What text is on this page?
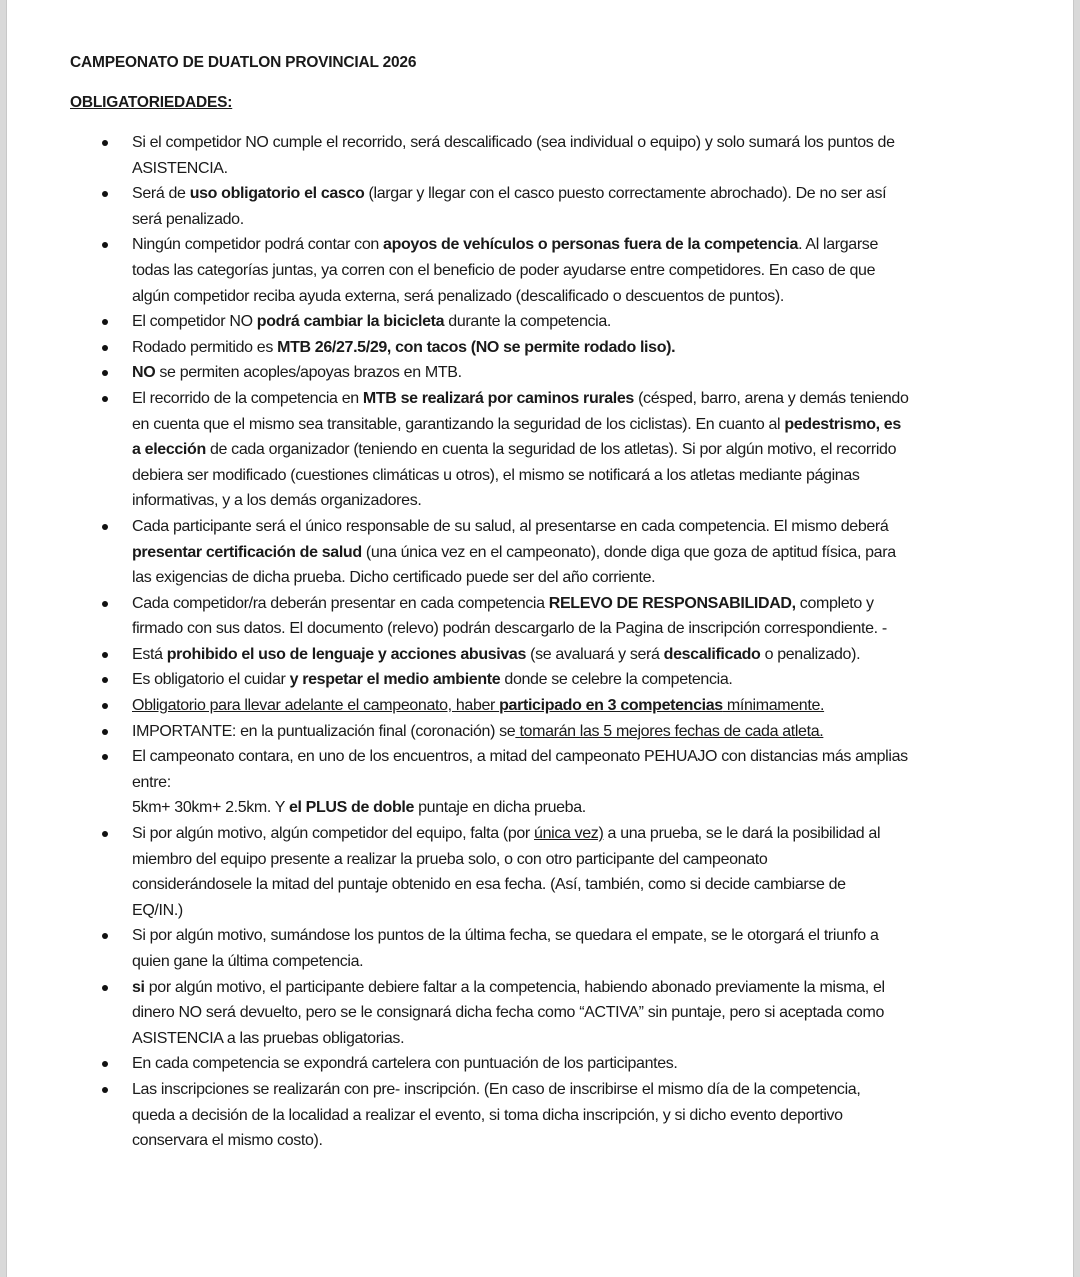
CAMPEONATO DE DUATLON PROVINCIAL 2026
OBLIGATORIEDADES:
Si el competidor NO cumple el recorrido, será descalificado (sea individual o equipo) y solo sumará los puntos de
ASISTENCIA.
Será de uso obligatorio el casco (largar y llegar con el casco puesto correctamente abrochado). De no ser así
será penalizado.
Ningún competidor podrá contar con apoyos de vehículos o personas fuera de la competencia. Al largarse
todas las categorías juntas, ya corren con el beneficio de poder ayudarse entre competidores. En caso de que
algún competidor reciba ayuda externa, será penalizado (descalificado o descuentos de puntos).
El competidor NO podrá cambiar la bicicleta durante la competencia.
Rodado permitido es MTB 26/27.5/29, con tacos (NO se permite rodado liso).
NO se permiten acoples/apoyas brazos en MTB.
El recorrido de la competencia en MTB se realizará por caminos rurales (césped, barro, arena y demás teniendo
en cuenta que el mismo sea transitable, garantizando la seguridad de los ciclistas). En cuanto al pedestrismo, es
a elección de cada organizador (teniendo en cuenta la seguridad de los atletas). Si por algún motivo, el recorrido
debiera ser modificado (cuestiones climáticas u otros), el mismo se notificará a los atletas mediante páginas
informativas, y a los demás organizadores.
Cada participante será el único responsable de su salud, al presentarse en cada competencia. El mismo deberá
presentar certificación de salud (una única vez en el campeonato), donde diga que goza de aptitud física, para
las exigencias de dicha prueba. Dicho certificado puede ser del año corriente.
Cada competidor/ra deberán presentar en cada competencia RELEVO DE RESPONSABILIDAD, completo y
firmado con sus datos. El documento (relevo) podrán descargarlo de la Pagina de inscripción correspondiente. -
Está prohibido el uso de lenguaje y acciones abusivas (se avaluará y será descalificado o penalizado).
Es obligatorio el cuidar y respetar el medio ambiente donde se celebre la competencia.
Obligatorio para llevar adelante el campeonato, haber participado en 3 competencias mínimamente.
IMPORTANTE: en la puntualización final (coronación) se tomarán las 5 mejores fechas de cada atleta.
El campeonato contara, en uno de los encuentros, a mitad del campeonato PEHUAJO con distancias más amplias
entre:
5km+ 30km+ 2.5km. Y el PLUS de doble puntaje en dicha prueba.
Si por algún motivo, algún competidor del equipo, falta (por única vez) a una prueba, se le dará la posibilidad al
miembro del equipo presente a realizar la prueba solo, o con otro participante del campeonato
considerándosele la mitad del puntaje obtenido en esa fecha. (Así, también, como si decide cambiarse de
EQ/IN.)
Si por algún motivo, sumándose los puntos de la última fecha, se quedara el empate, se le otorgará el triunfo a
quien gane la última competencia.
si por algún motivo, el participante debiere faltar a la competencia, habiendo abonado previamente la misma, el
dinero NO será devuelto, pero se le consignará dicha fecha como “ACTIVA” sin puntaje, pero si aceptada como
ASISTENCIA a las pruebas obligatorias.
En cada competencia se expondrá cartelera con puntuación de los participantes.
Las inscripciones se realizarán con pre- inscripción. (En caso de inscribirse el mismo día de la competencia,
queda a decisión de la localidad a realizar el evento, si toma dicha inscripción, y si dicho evento deportivo
conservara el mismo costo).
